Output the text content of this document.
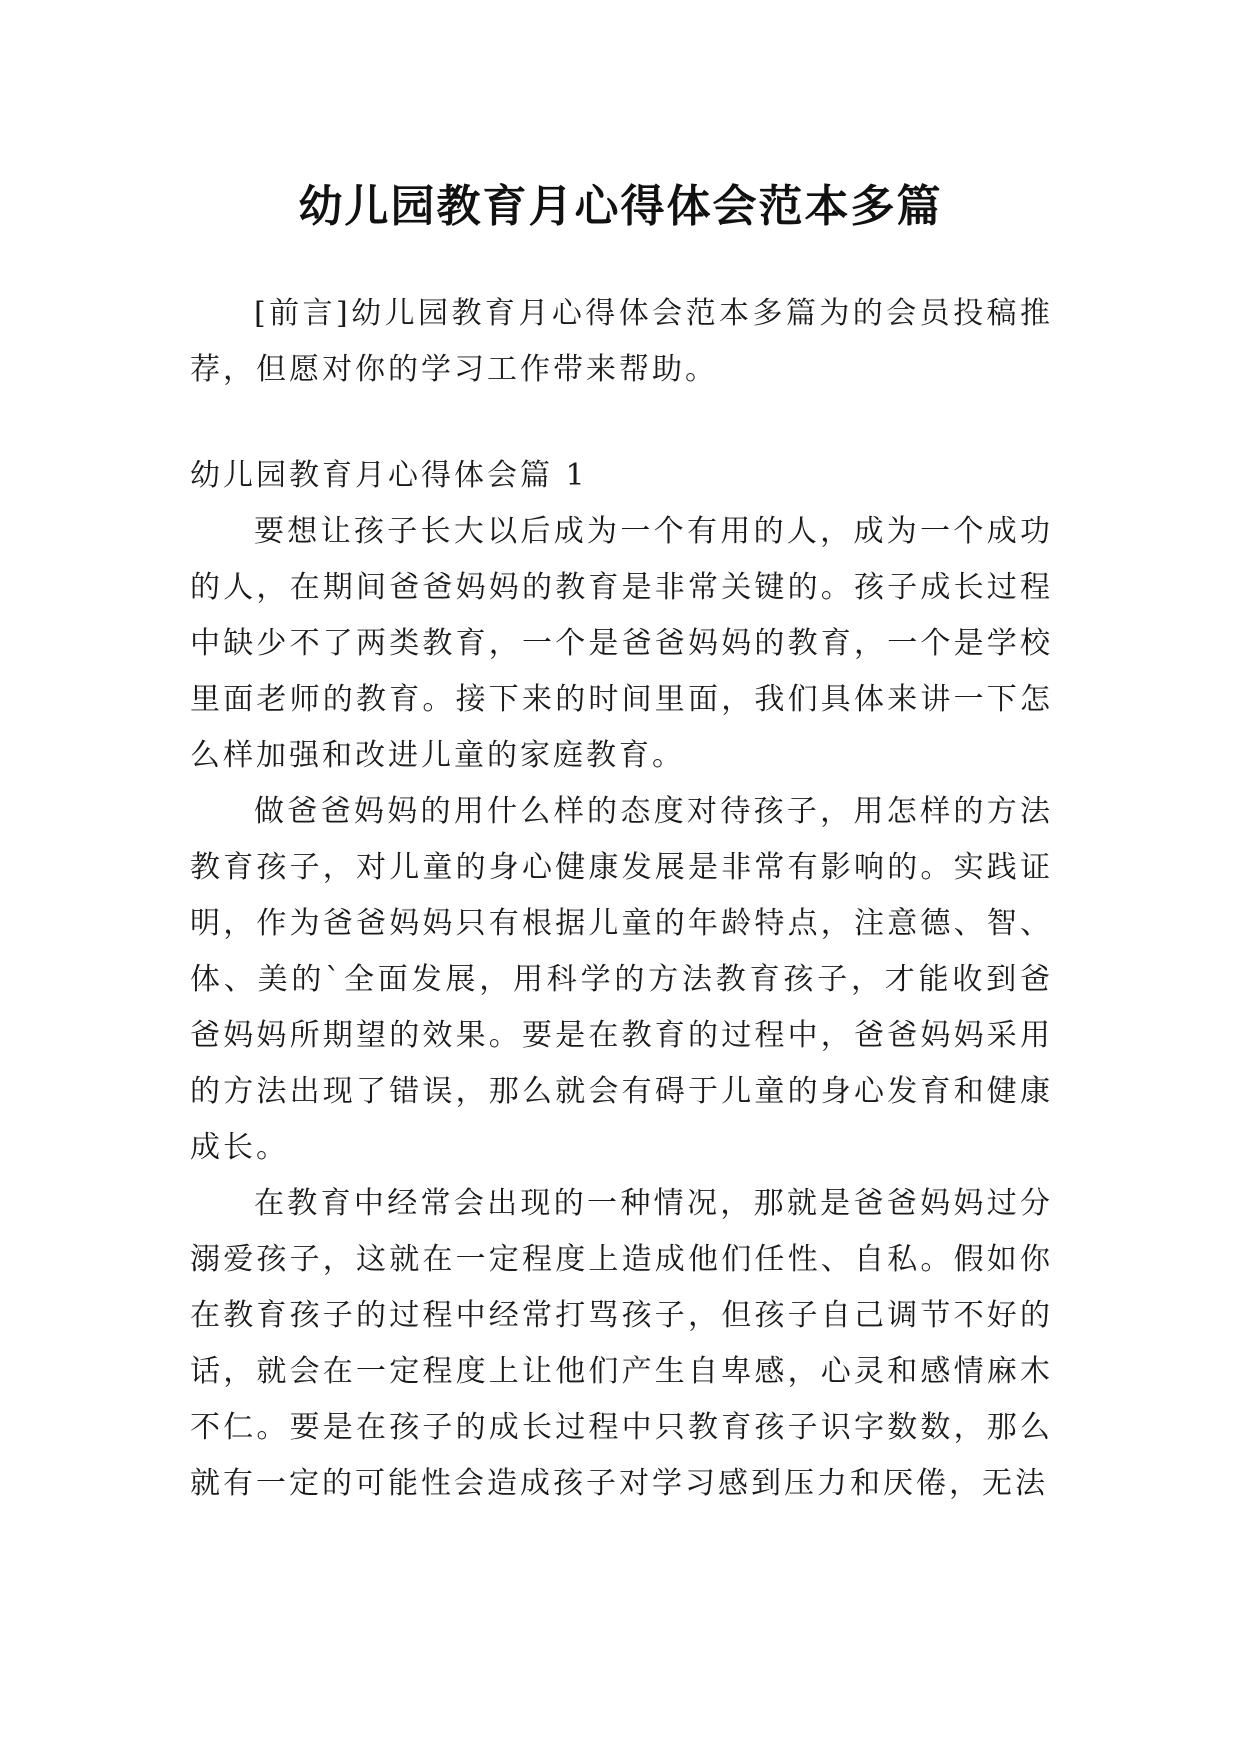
幼儿园教育月心得体会范本多篇

[前言]幼儿园教育月心得体会范本多篇为的会员投稿推荐，但愿对你的学习工作带来帮助。

幼儿园教育月心得体会篇 1

要想让孩子长大以后成为一个有用的人，成为一个成功的人，在期间爸爸妈妈的教育是非常关键的。孩子成长过程中缺少不了两类教育，一个是爸爸妈妈的教育，一个是学校里面老师的教育。接下来的时间里面，我们具体来讲一下怎么样加强和改进儿童的家庭教育。

做爸爸妈妈的用什么样的态度对待孩子，用怎样的方法教育孩子，对儿童的身心健康发展是非常有影响的。实践证明，作为爸爸妈妈只有根据儿童的年龄特点，注意德、智、体、美的`全面发展，用科学的方法教育孩子，才能收到爸爸妈妈所期望的效果。要是在教育的过程中，爸爸妈妈采用的方法出现了错误，那么就会有碍于儿童的身心发育和健康成长。

在教育中经常会出现的一种情况，那就是爸爸妈妈过分溺爱孩子，这就在一定程度上造成他们任性、自私。假如你在教育孩子的过程中经常打骂孩子，但孩子自己调节不好的话，就会在一定程度上让他们产生自卑感，心灵和感情麻木不仁。要是在孩子的成长过程中只教育孩子识字数数，那么就有一定的可能性会造成孩子对学习感到压力和厌倦，无法
